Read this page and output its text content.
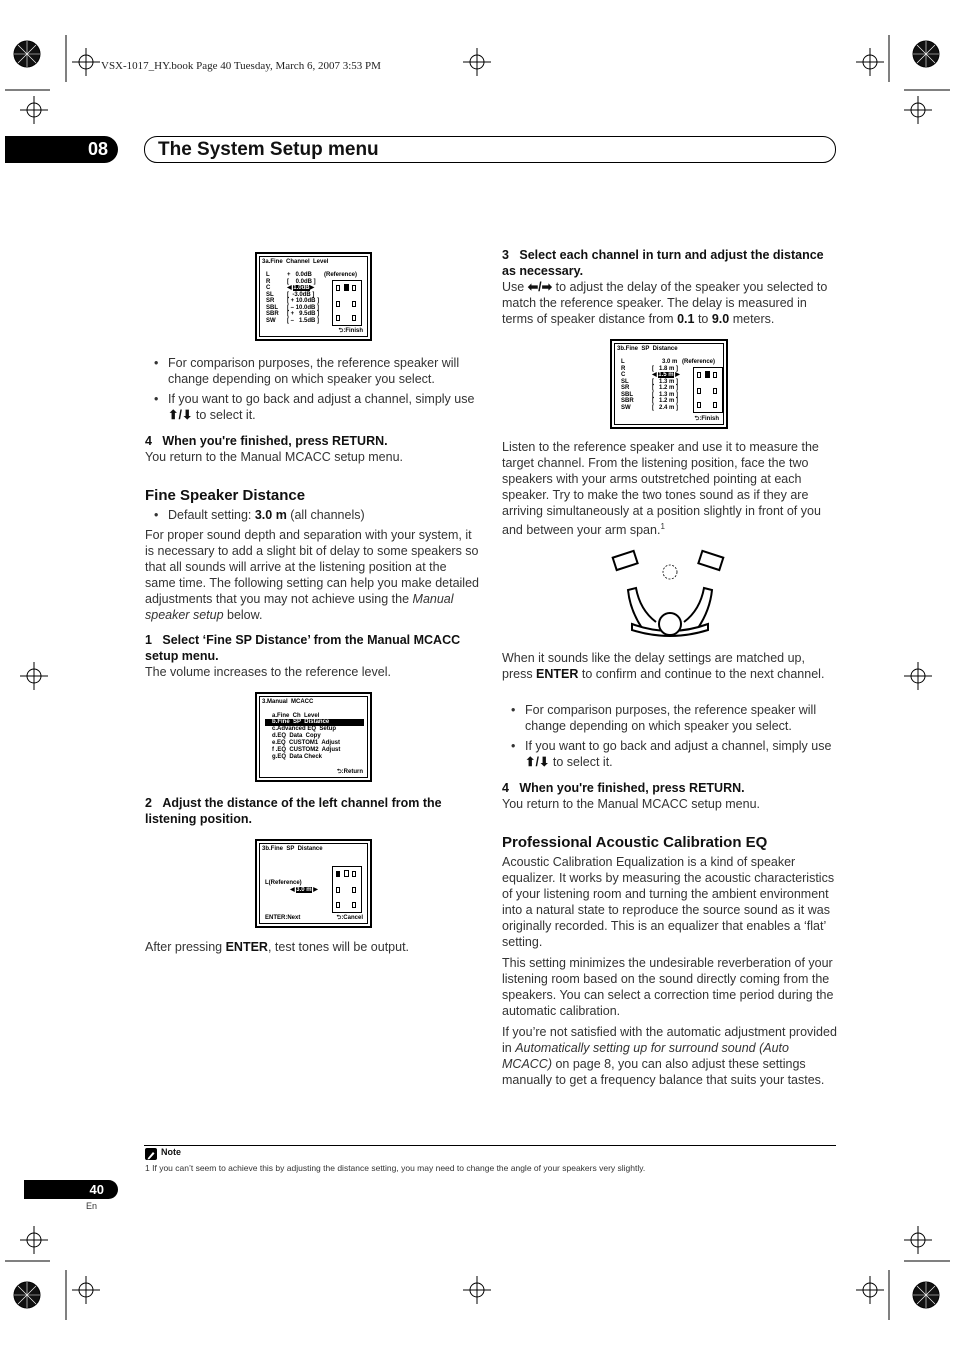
VSX-1017_HY.book Page 40 Tuesday, March 6, 2007 3:53 PM
08	The System Setup menu
3a.Fine  Channel  Level
L
R
C
SL
SR
SBL
SBR
SW
+   0.0dB
[    0.0dB ]
◀ 1.0dB▶
[  -3.0dB ]
[ + 10.0dB ]
[ – 10.0dB ]
[ +   9.5dB ]
[ –   1.5dB ]
(Reference)
⮌:Finish
• For comparison purposes, the reference speaker will change depending on which speaker you select.
• If you want to go back and adjust a channel, simply use ⬆/⬇ to select it.
4 When you're finished, press RETURN.
You return to the Manual MCACC setup menu.
Fine Speaker Distance
• Default setting: 3.0 m (all channels)
For proper sound depth and separation with your system, it is necessary to add a slight bit of delay to some speakers so that all sounds will arrive at the listening position at the same time. The following setting can help you make detailed adjustments that you may not achieve using the Manual speaker setup below.
1 Select ‘Fine SP Distance’ from the Manual MCACC setup menu.
The volume increases to the reference level.
3.Manual  MCACC
a.Fine  Ch  Level
b.Fine  SP  Distance
c.Advanced EQ  Setup
d.EQ  Data  Copy
e.EQ  CUSTOM1  Adjust
f .EQ  CUSTOM2  Adjust
g.EQ  Data Check
⮌:Return
2 Adjust the distance of the left channel from the listening position.
3b.Fine  SP  Distance
L(Reference)
◀ 3.0 m ▶
ENTER:Next	⮌:Cancel
After pressing ENTER, test tones will be output.
3 Select each channel in turn and adjust the distance as necessary.
Use ⬅/➡ to adjust the delay of the speaker you selected to match the reference speaker. The delay is measured in terms of speaker distance from 0.1 to 9.0 meters.
3b.Fine  SP  Distance
L
R
C
SL
SR
SBL
SBR
SW
3.0 m
[   1.8 m ]
◀ 1.5 m ▶
[   1.3 m ]
[   1.2 m ]
[   1.3 m ]
[   1.2 m ]
[   2.4 m ]
(Reference)
⮌:Finish
Listen to the reference speaker and use it to measure the target channel. From the listening position, face the two speakers with your arms outstretched pointing at each speaker. Try to make the two tones sound as if they are arriving simultaneously at a position slightly in front of you and between your arm span.$^1$
When it sounds like the delay settings are matched up, press ENTER to confirm and continue to the next channel.
• For comparison purposes, the reference speaker will change depending on which speaker you select.
• If you want to go back and adjust a channel, simply use ⬆/⬇ to select it.
4 When you're finished, press RETURN.
You return to the Manual MCACC setup menu.
Professional Acoustic Calibration EQ
Acoustic Calibration Equalization is a kind of speaker equalizer. It works by measuring the acoustic characteristics of your listening room and turning the ambient environment into a natural state to reproduce the source sound as it was originally recorded. This is an equalizer that enables a ‘flat’ setting.
This setting minimizes the undesirable reverberation of your listening room based on the sound directly coming from the speakers. You can select a correction time period during the automatic calibration.
If you’re not satisfied with the automatic adjustment provided in Automatically setting up for surround sound (Auto MCACC) on page 8, you can also adjust these settings manually to get a frequency balance that suits your tastes.
Note
1 If you can’t seem to achieve this by adjusting the distance setting, you may need to change the angle of your speakers very slightly.
40
En
